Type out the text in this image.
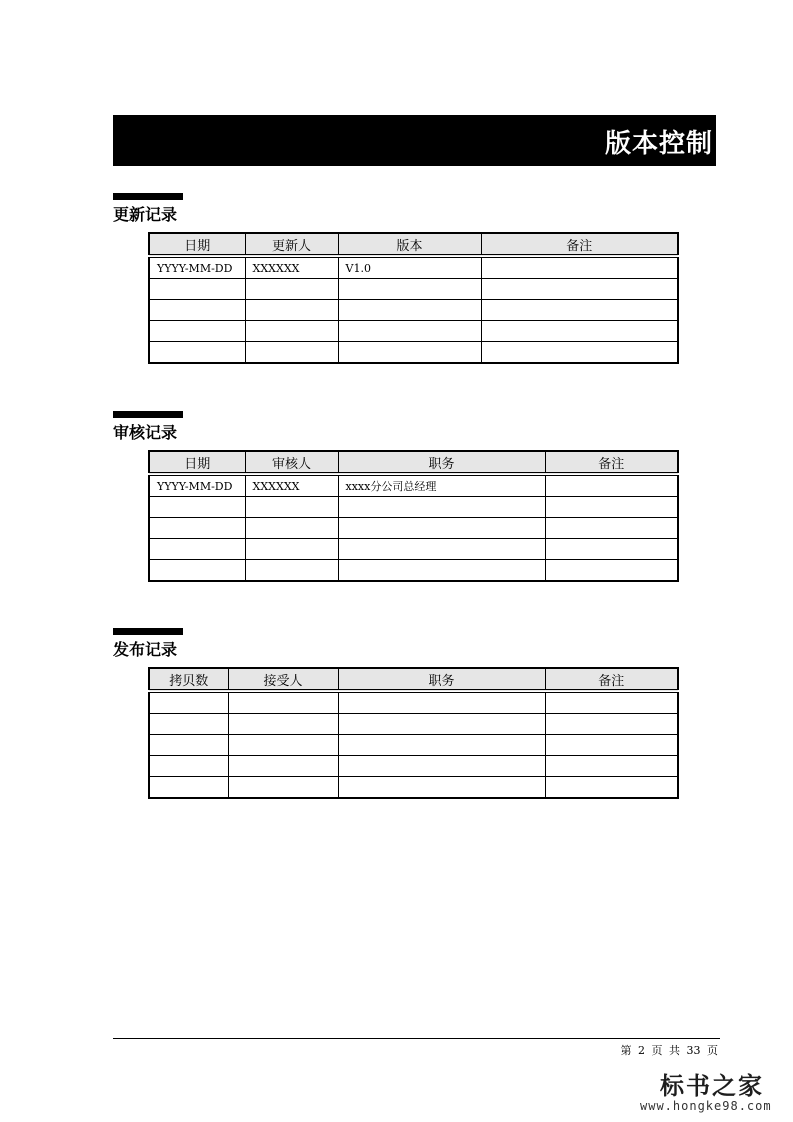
版本控制
更新记录
日期	更新人	版本	备注
YYYY-MM-DD	XXXXXX	V1.0	

审核记录
日期	审核人	职务	备注
YYYY-MM-DD	XXXXXX	xxxx分公司总经理	

发布记录
拷贝数	接受人	职务	备注

第 2 页 共 33 页
标书之家
www.hongke98.com
